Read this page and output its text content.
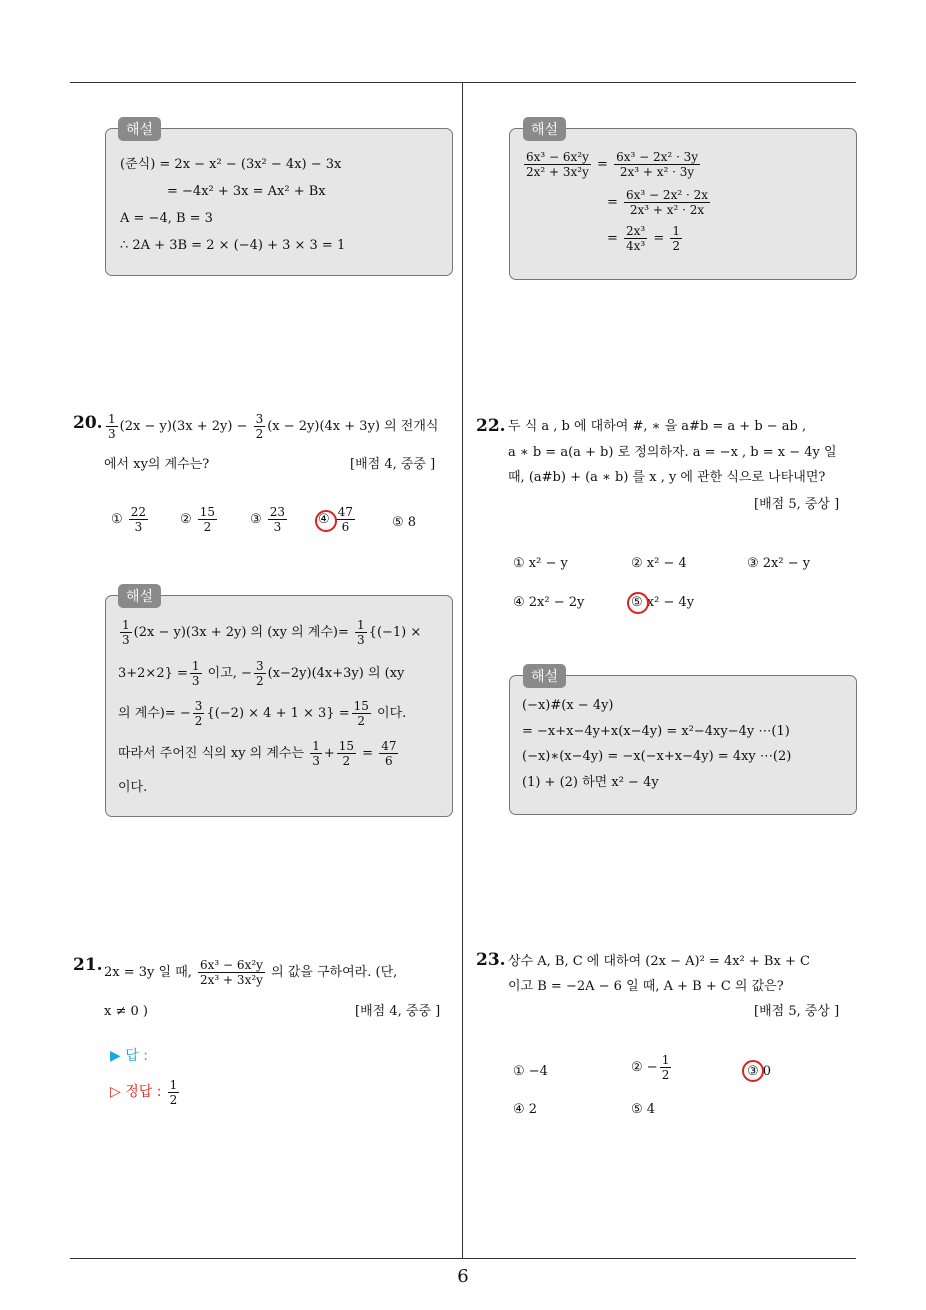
6
해설
(준식) = 2x − x² − (3x² − 4x) − 3x
= −4x² + 3x = Ax² + Bx
A = −4, B = 3
∴ 2A + 3B = 2 × (−4) + 3 × 3 = 1
해설
$\frac{\text{6x³ − 6x²y}}{\text{2x² + 3x²y}} = \frac{\text{6x³ − 2x² · 3y}}{\text{2x³ + x² · 3y}}$
= $\frac{\text{6x³ − 2x² · 2x}}{\text{2x³ + x² · 2x}}$
= $\frac{\text{2x³}}{\text{4x³}} = \frac{1}{2}$
20. $\frac{1}{3} (2x - y)(3x + 2y) - \frac{3}{2} (x - 2y)(4x + 3y)$ 의 전개식
에서 xy의 계수는?	[배점 4, 중중 ]
① $\frac{22}{3}$ ② $\frac{15}{2}$	③ $\frac{23}{3}$ ④ $\frac{47}{6}$	⑤ 8
해설
$\frac{1}{3} (2x - y)(3x + 2y)$ 의 (xy 의 계수)= $\frac{1}{3} \{(-1)$ ×
$3+2\times 2\} = \frac{1}{3}$ 이고, − $\frac{3}{2} (x-2y)(4x+3y)$ 의 (xy
의 계수)= − $\frac{3}{2} \{(-2) \times 4 + 1 \times 3\} = \frac{15}{2}$ 이다.
따라서 주어진 식의 xy 의 계수는 $\frac{1}{3} + \frac{15}{2} = \frac{47}{6}$
이다.
21. 2x = 3y 일 때, $\frac{\text{6x³ − 6x²y}}{\text{2x³ + 3x²y}}$ 의 값을 구하여라. (단,
x ≠ 0 )	[배점 4, 중중 ]
▶ 답 :
▷ 정답 : $\frac{1}{2}$
22. 두 식 a , b 에 대하여 #, ∗ 을 a#b = a + b − ab ,
a ∗ b = a(a + b) 로 정의하자. a = −x , b = x − 4y 일
때, (a#b) + (a ∗ b) 를 x , y 에 관한 식으로 나타내면?
[배점 5, 중상 ]
① x² − y	② x² − 4	③ 2x² − y
④ 2x² − 2y	⑤ x² − 4y
해설
(−x)#(x − 4y)
= −x+x−4y+x(x−4y) = x²−4xy−4y ⋯(1)
(−x)∗(x−4y) = −x(−x+x−4y) = 4xy ⋯(2)
(1) + (2) 하면 x² − 4y
23. 상수 A, B, C 에 대하여 (2x − A)² = 4x² + Bx + C
이고 B = −2A − 6 일 때, A + B + C 의 값은?
[배점 5, 중상 ]
① −4	② − $\frac{1}{2}$	③ 0
④ 2	⑤ 4
